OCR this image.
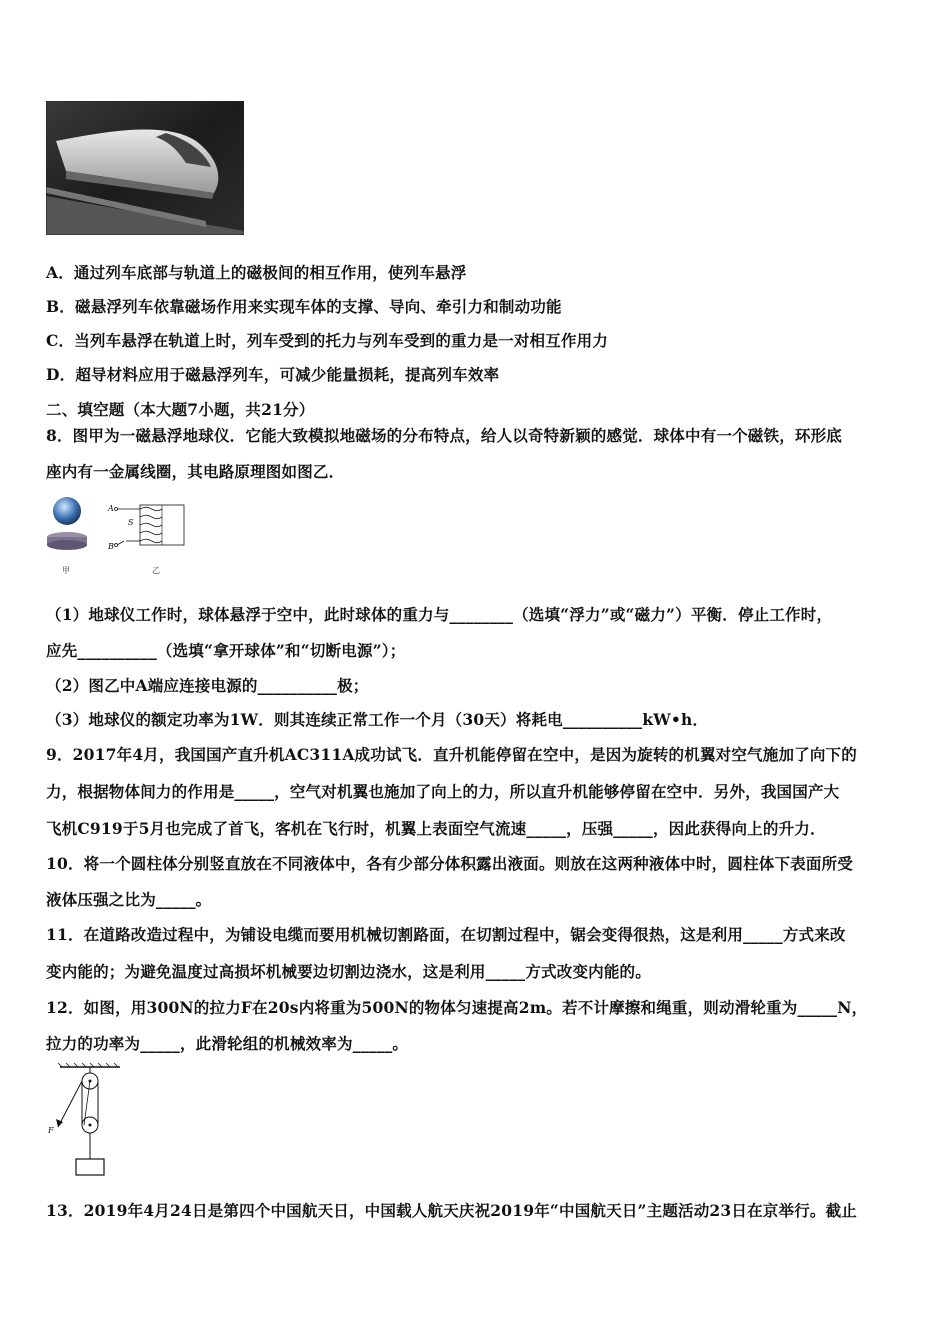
A．通过列车底部与轨道上的磁极间的相互作用，使列车悬浮
B．磁悬浮列车依靠磁场作用来实现车体的支撑、导向、牵引力和制动功能
C．当列车悬浮在轨道上时，列车受到的托力与列车受到的重力是一对相互作用力
D．超导材料应用于磁悬浮列车，可减少能量损耗，提高列车效率
二、填空题（本大题7小题，共21分）
8．图甲为一磁悬浮地球仪．它能大致模拟地磁场的分布特点，给人以奇特新颖的感觉．球体中有一个磁铁，环形底
座内有一金属线圈，其电路原理图如图乙．
甲
A
S
B
乙
（1）地球仪工作时，球体悬浮于空中，此时球体的重力与________（选填“浮力”或“磁力”）平衡．停止工作时，
应先__________（选填“拿开球体”和“切断电源”）；
（2）图乙中A端应连接电源的__________极；
（3）地球仪的额定功率为1W．则其连续正常工作一个月（30天）将耗电__________kW•h．
9．2017年4月，我国国产直升机AC311A成功试飞．直升机能停留在空中，是因为旋转的机翼对空气施加了向下的
力，根据物体间力的作用是_____，空气对机翼也施加了向上的力，所以直升机能够停留在空中．另外，我国国产大
飞机C919于5月也完成了首飞，客机在飞行时，机翼上表面空气流速_____，压强_____，因此获得向上的升力．
10．将一个圆柱体分别竖直放在不同液体中，各有少部分体积露出液面。则放在这两种液体中时，圆柱体下表面所受
液体压强之比为_____。
11．在道路改造过程中，为铺设电缆而要用机械切割路面，在切割过程中，锯会变得很热，这是利用_____方式来改
变内能的；为避免温度过高损坏机械要边切割边浇水，这是利用_____方式改变内能的。
12．如图，用300N的拉力F在20s内将重为500N的物体匀速提高2m。若不计摩擦和绳重，则动滑轮重为_____N，
拉力的功率为_____，此滑轮组的机械效率为_____。
F
13．2019年4月24日是第四个中国航天日，中国载人航天庆祝2019年“中国航天日”主题活动23日在京举行。截止
